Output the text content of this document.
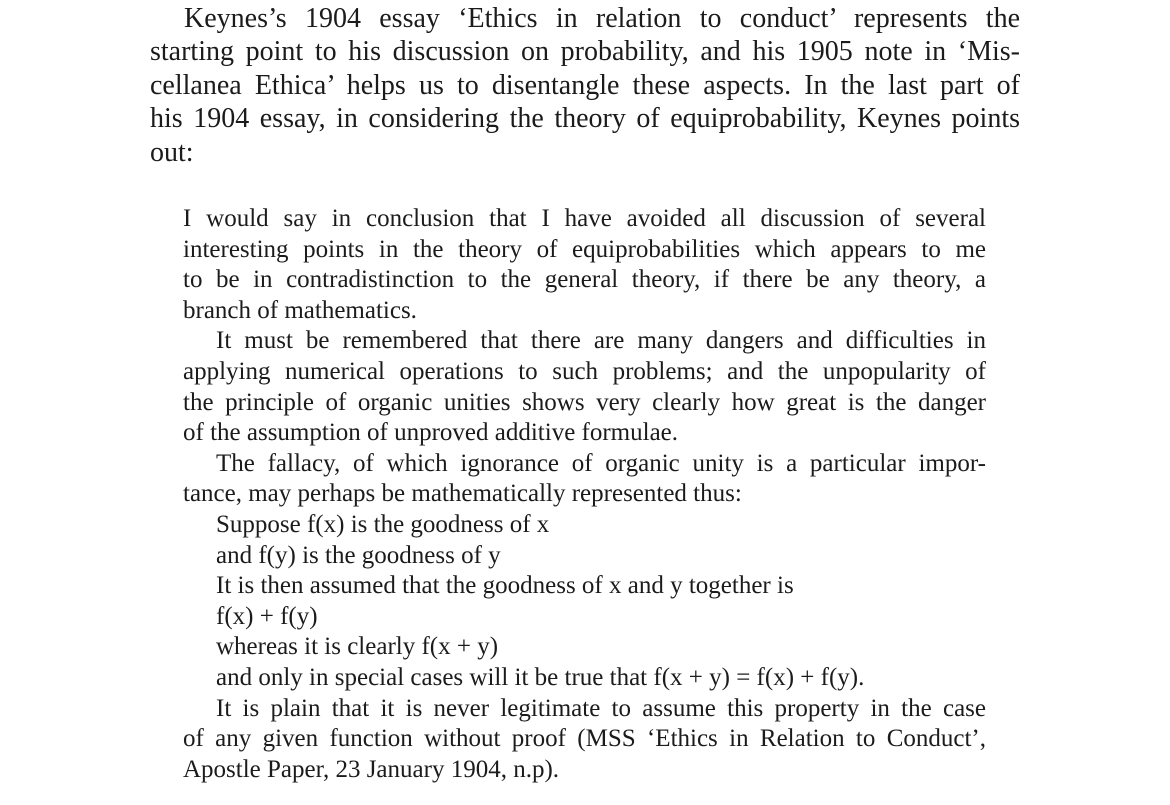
Keynes’s 1904 essay ‘Ethics in relation to conduct’ represents the
starting point to his discussion on probability, and his 1905 note in ‘Mis-
cellanea Ethica’ helps us to disentangle these aspects. In the last part of
his 1904 essay, in considering the theory of equiprobability, Keynes points
out:
I would say in conclusion that I have avoided all discussion of several
interesting points in the theory of equiprobabilities which appears to me
to be in contradistinction to the general theory, if there be any theory, a
branch of mathematics.
It must be remembered that there are many dangers and difficulties in
applying numerical operations to such problems; and the unpopularity of
the principle of organic unities shows very clearly how great is the danger
of the assumption of unproved additive formulae.
The fallacy, of which ignorance of organic unity is a particular impor-
tance, may perhaps be mathematically represented thus:
Suppose f(x) is the goodness of x
and f(y) is the goodness of y
It is then assumed that the goodness of x and y together is
f(x) + f(y)
whereas it is clearly f(x + y)
and only in special cases will it be true that f(x + y) = f(x) + f(y).
It is plain that it is never legitimate to assume this property in the case
of any given function without proof (MSS ‘Ethics in Relation to Conduct’,
Apostle Paper, 23 January 1904, n.p).
